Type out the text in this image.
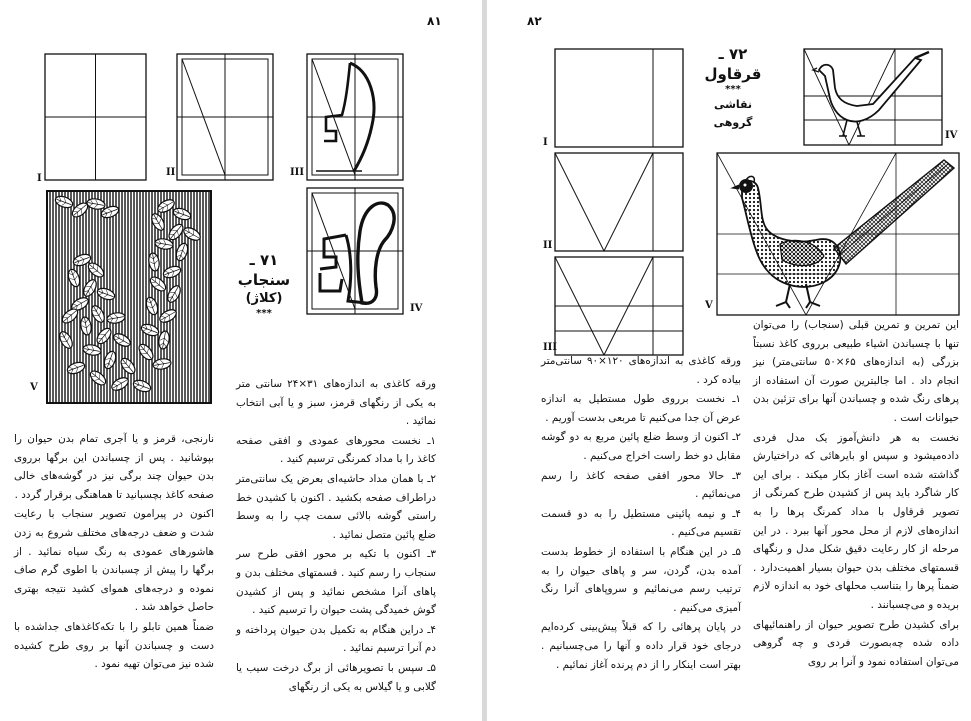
۸۱
I
II	III
IV
V
۷۱ ـ سنجاب
(کلاژ)
***

ورقه کاغذی به اندازه‌های ۳۱×۲۴ سانتی متر به یکی از رنگهای قرمز، سبز و یا آبی انتخاب نمائید .

۱ـ نخست محورهای عمودی و افقی صفحه کاغذ را با مداد کمرنگی ترسیم کنید .

۲ـ با همان مداد حاشیه‌ای بعرض یک سانتی‌متر دراطراف صفحه بکشید . اکنون با کشیدن خط راستی گوشه بالائی سمت چپ را به وسط ضلع پائین متصل نمائید .

۳ـ اکنون با تکیه بر محور افقی طرح سر سنجاب را رسم کنید . قسمتهای مختلف بدن و پاهای آنرا مشخص نمائید و پس از کشیدن گوش خمیدگی پشت حیوان را ترسیم کنید .

۴ـ دراین هنگام به تکمیل بدن حیوان پرداخته و دم آنرا ترسیم نمائید .

۵ـ سپس با تصویرهائی از برگ درخت سیب یا گلابی و یا گیلاس به یکی از رنگهای

نارنجی، قرمز و یا آجری تمام بدن حیوان را بپوشانید . پس از چسباندن این برگها برروی بدن حیوان چند برگی نیز در گوشه‌های خالی صفحه کاغذ بچسبانید تا هماهنگی برقرار گردد .

اکنون در پیرامون تصویر سنجاب با رعایت شدت و ضعف درجه‌های مختلف شروع به زدن هاشورهای عمودی به رنگ سیاه نمائید . از برگها را پیش از چسباندن با اطوی گرم صاف نموده و درجه‌های هموای کشید نتیجه بهتری حاصل خواهد شد .

ضمناً همین تابلو را با تکه‌کاغذهای جداشده با دست و چسباندن آنها بر روی طرح کشیده شده نیز می‌توان تهیه نمود .

۸۲
I
II
III
۷۲ ـ قرقاول
***
نقاشی گروهی
IV
V

ورقه کاغذی به اندازه‌های ۱۲۰×۹۰ سانتی‌متر بیاده کرد .

۱ـ نخست برروی طول مستطیل به اندازه عرض آن جدا می‌کنیم تا مربعی بدست آوریم .

۲ـ اکنون از وسط ضلع پائین مربع به دو گوشه مقابل دو خط راست اخراج می‌کنیم .

۳ـ حالا محور افقی صفحه کاغذ را رسم می‌نمائیم .

۴ـ و نیمه پائینی مستطیل را به دو قسمت تقسیم می‌کنیم .

۵ـ در این هنگام با استفاده از خطوط بدست آمده بدن، گردن، سر و پاهای حیوان را به ترتیب رسم می‌نمائیم و سروپاهای آنرا رنگ آمیزی می‌کنیم .

در پایان پرهائی را که قبلاً پیش‌بینی کرده‌ایم درجای خود قرار داده و آنها را می‌چسبانیم . بهتر است اینکار را از دم پرنده آغاز نمائیم .

این تمرین و تمرین قبلی (سنجاب) را می‌توان تنها با چسباندن اشیاء طبیعی برروی کاغذ نسبتاً بزرگی (به اندازه‌های ۶۵×۵۰ سانتی‌متر) نیز انجام داد . اما جالبترین صورت آن استفاده از پرهای رنگ شده و چسباندن آنها برای تزئین بدن حیوانات است .

نخست به هر دانش‌آموز یک مدل فردی داده‌میشود و سپس او بایرهائی که دراختیارش گذاشته شده است آغاز بکار میکند . برای این کار شاگرد باید پس از کشیدن طرح کمرنگی از تصویر قرقاول با مداد کمرنگ پرها را به اندازه‌های لازم از محل محور آنها ببرد . در این مرحله از کار رعایت دقیق شکل مدل و رنگهای قسمتهای مختلف بدن حیوان بسیار اهمیت‌دارد . ضمناً پرها را بتناسب محلهای خود به اندازه لازم بریده و می‌چسبانند .

برای کشیدن طرح تصویر حیوان از راهنمائیهای داده شده چه‌بصورت فردی و چه گروهی می‌توان استفاده نمود و آنرا بر روی
